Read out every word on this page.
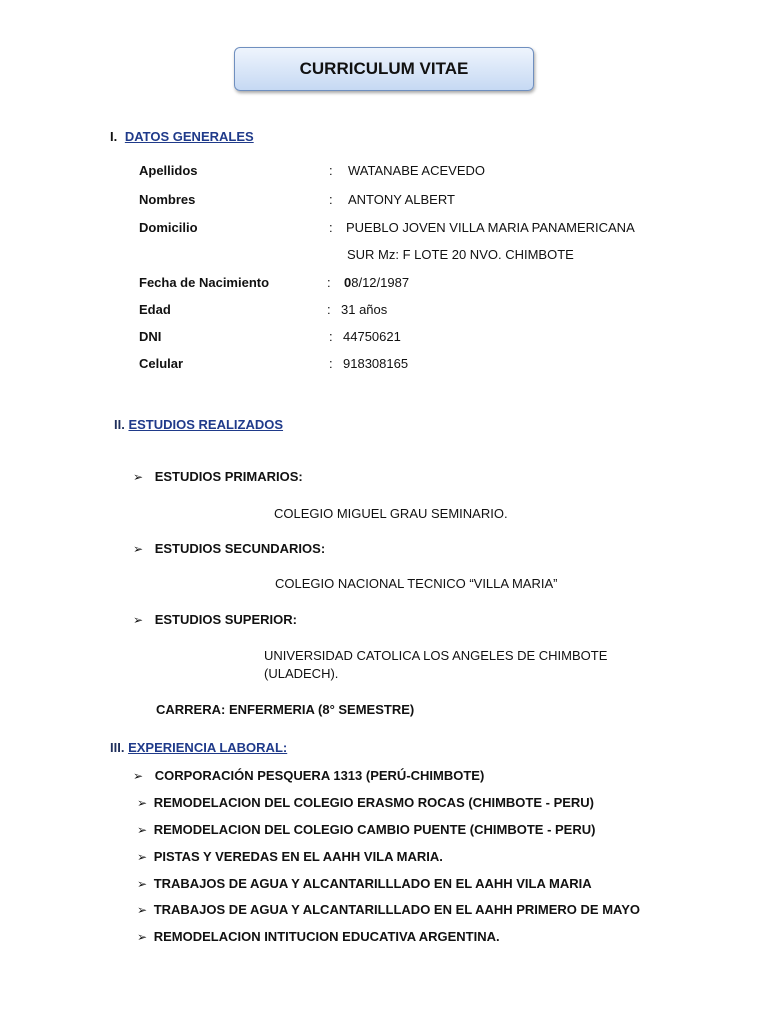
CURRICULUM VITAE
I. DATOS GENERALES
Apellidos	: WATANABE ACEVEDO
Nombres	: ANTONY ALBERT
Domicilio	: PUEBLO JOVEN VILLA MARIA PANAMERICANA
SUR Mz: F LOTE 20 NVO. CHIMBOTE
Fecha de Nacimiento	: 08/12/1987
Edad	: 31 años
DNI	: 44750621
Celular	: 918308165
II. ESTUDIOS REALIZADOS
➢ ESTUDIOS PRIMARIOS:
COLEGIO MIGUEL GRAU SEMINARIO.
➢ ESTUDIOS SECUNDARIOS:
COLEGIO NACIONAL TECNICO “VILLA MARIA”
➢ ESTUDIOS SUPERIOR:
UNIVERSIDAD CATOLICA LOS ANGELES DE CHIMBOTE
(ULADECH).
CARRERA: ENFERMERIA (8° SEMESTRE)
III. EXPERIENCIA LABORAL:
➢ CORPORACIÓN PESQUERA 1313 (PERÚ-CHIMBOTE)
➢ REMODELACION DEL COLEGIO ERASMO ROCAS (CHIMBOTE - PERU)
➢ REMODELACION DEL COLEGIO CAMBIO PUENTE (CHIMBOTE - PERU)
➢ PISTAS Y VEREDAS EN EL AAHH VILA MARIA.
➢ TRABAJOS DE AGUA Y ALCANTARILLLADO EN EL AAHH VILA MARIA
➢ TRABAJOS DE AGUA Y ALCANTARILLLADO EN EL AAHH PRIMERO DE MAYO
➢ REMODELACION INTITUCION EDUCATIVA ARGENTINA.
